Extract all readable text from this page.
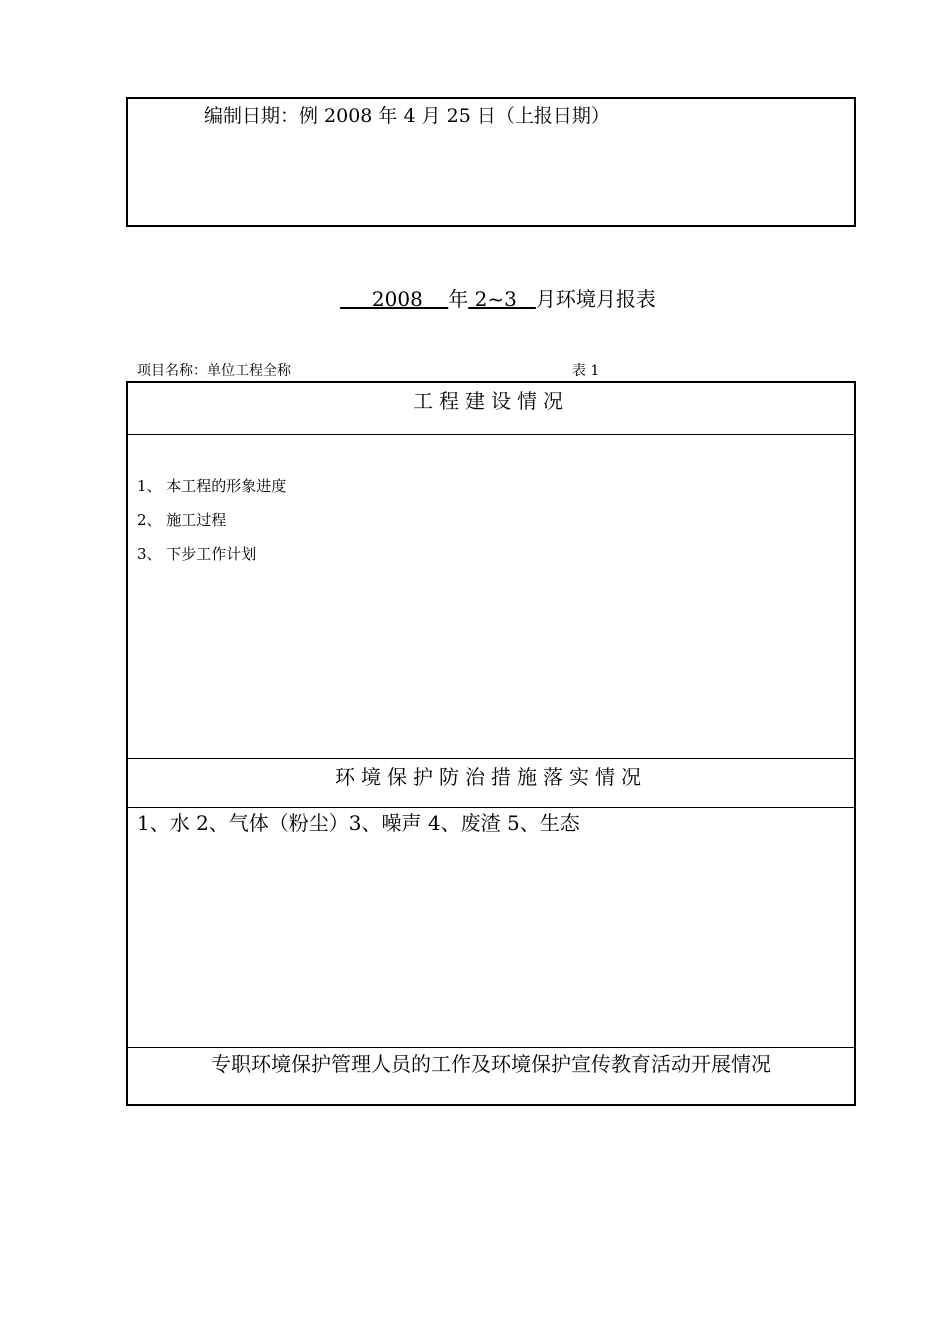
编制日期：例 2008 年 4 月 25 日（上报日期）
2008    年 2~3   月环境月报表
项目名称：单位工程全称	表 1
工程建设情况
1、 本工程的形象进度
2、 施工过程
3、 下步工作计划
环境保护防治措施落实情况
1、水 2、气体（粉尘）3、噪声 4、废渣 5、生态
专职环境保护管理人员的工作及环境保护宣传教育活动开展情况
